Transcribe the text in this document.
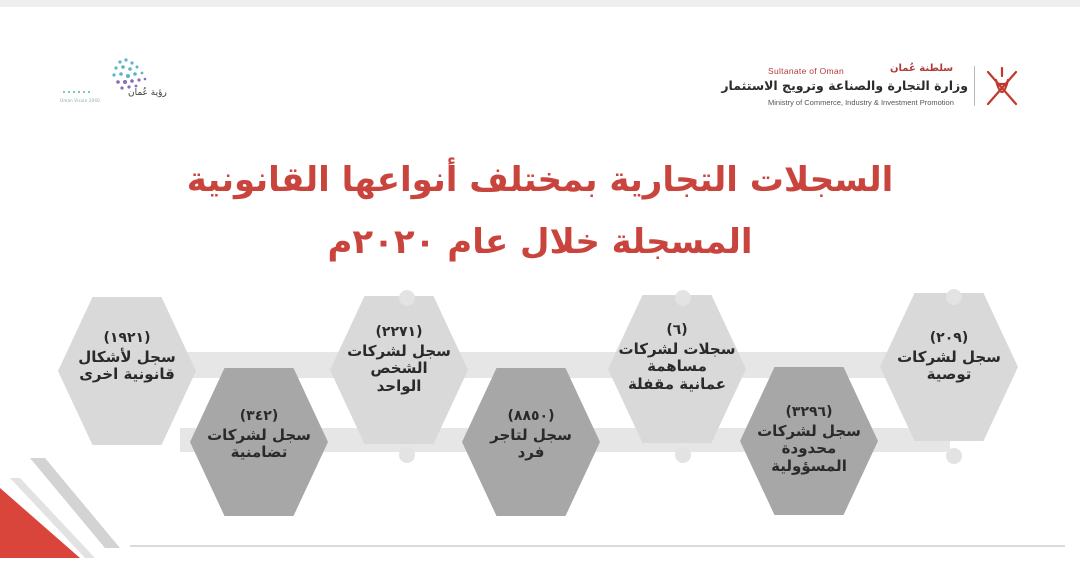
رؤية عُمان
Oman Vision 2040
Sultanate of Oman	سلطنة عُمان
وزارة التجارة والصناعة وترويج الاستثمار
Ministry of Commerce, Industry & Investment Promotion
السجلات التجارية بمختلف أنواعها القانونية
المسجلة خلال عام ٢٠٢٠م
(٢٠٩)
سجل لشركات
توصية
(٣٢٩٦)
سجل لشركات
محدودة
المسؤولية
(٦)
سجلات لشركات
مساهمة
عمانية مقفلة
(٨٨٥٠)
سجل لتاجر
فرد
(٢٢٧١)
سجل لشركات
الشخص
الواحد
(٣٤٢)
سجل لشركات
تضامنية
(١٩٢١)
سجل لأشكال
قانونية اخرى
